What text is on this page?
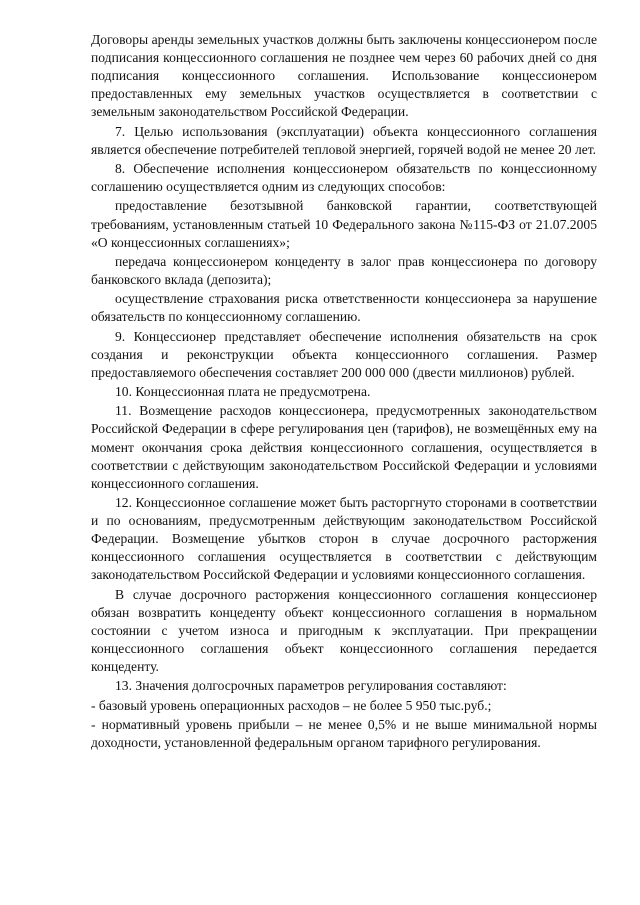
Договоры аренды земельных участков должны быть заключены концессионером после подписания концессионного соглашения не позднее чем через 60 рабочих дней со дня подписания концессионного соглашения. Использование концессионером предоставленных ему земельных участков осуществляется в соответствии с земельным законодательством Российской Федерации.

7. Целью использования (эксплуатации) объекта концессионного соглашения является обеспечение потребителей тепловой энергией, горячей водой не менее 20 лет.

8. Обеспечение исполнения концессионером обязательств по концессионному соглашению осуществляется одним из следующих способов:

предоставление безотзывной банковской гарантии, соответствующей требованиям, установленным статьей 10 Федерального закона №115-ФЗ от 21.07.2005 «О концессионных соглашениях»;

передача концессионером концеденту в залог прав концессионера по договору банковского вклада (депозита);

осуществление страхования риска ответственности концессионера за нарушение обязательств по концессионному соглашению.

9. Концессионер представляет обеспечение исполнения обязательств на срок создания и реконструкции объекта концессионного соглашения. Размер предоставляемого обеспечения составляет 200 000 000 (двести миллионов) рублей.

10. Концессионная плата не предусмотрена.

11. Возмещение расходов концессионера, предусмотренных законодательством Российской Федерации в сфере регулирования цен (тарифов), не возмещённых ему на момент окончания срока действия концессионного соглашения, осуществляется в соответствии с действующим законодательством Российской Федерации и условиями концессионного соглашения.

12. Концессионное соглашение может быть расторгнуто сторонами в соответствии и по основаниям, предусмотренным действующим законодательством Российской Федерации. Возмещение убытков сторон в случае досрочного расторжения концессионного соглашения осуществляется в соответствии с действующим законодательством Российской Федерации и условиями концессионного соглашения.

В случае досрочного расторжения концессионного соглашения концессионер обязан возвратить концеденту объект концессионного соглашения в нормальном состоянии с учетом износа и пригодным к эксплуатации. При прекращении концессионного соглашения объект концессионного соглашения передается концеденту.

13. Значения долгосрочных параметров регулирования составляют:

- базовый уровень операционных расходов – не более 5 950 тыс.руб.;

- нормативный уровень прибыли – не менее 0,5% и не выше минимальной нормы доходности, установленной федеральным органом тарифного регулирования.
